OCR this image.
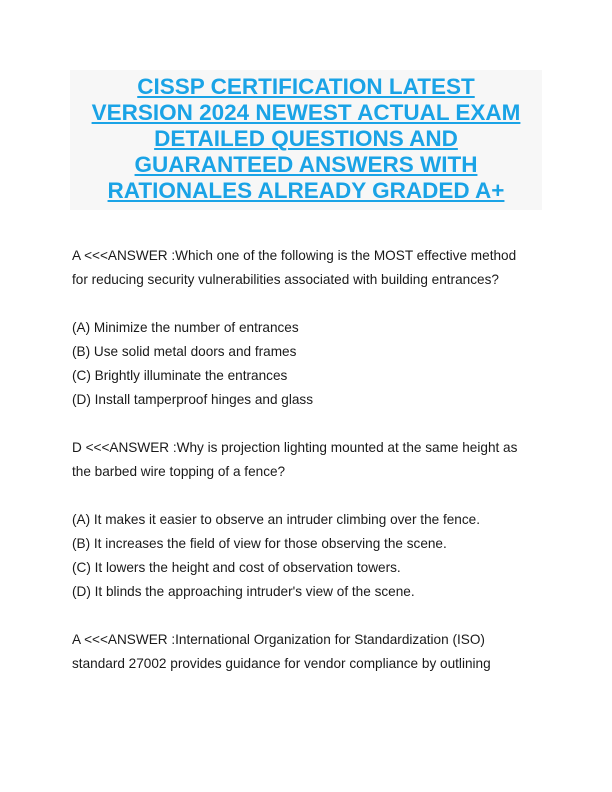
CISSP CERTIFICATION LATEST
VERSION 2024 NEWEST ACTUAL EXAM
DETAILED QUESTIONS AND
GUARANTEED ANSWERS WITH
RATIONALES ALREADY GRADED A+
A <<<ANSWER :Which one of the following is the MOST effective method
for reducing security vulnerabilities associated with building entrances?
(A) Minimize the number of entrances
(B) Use solid metal doors and frames
(C) Brightly illuminate the entrances
(D) Install tamperproof hinges and glass
D <<<ANSWER :Why is projection lighting mounted at the same height as
the barbed wire topping of a fence?
(A) It makes it easier to observe an intruder climbing over the fence.
(B) It increases the field of view for those observing the scene.
(C) It lowers the height and cost of observation towers.
(D) It blinds the approaching intruder's view of the scene.
A <<<ANSWER :International Organization for Standardization (ISO)
standard 27002 provides guidance for vendor compliance by outlining
